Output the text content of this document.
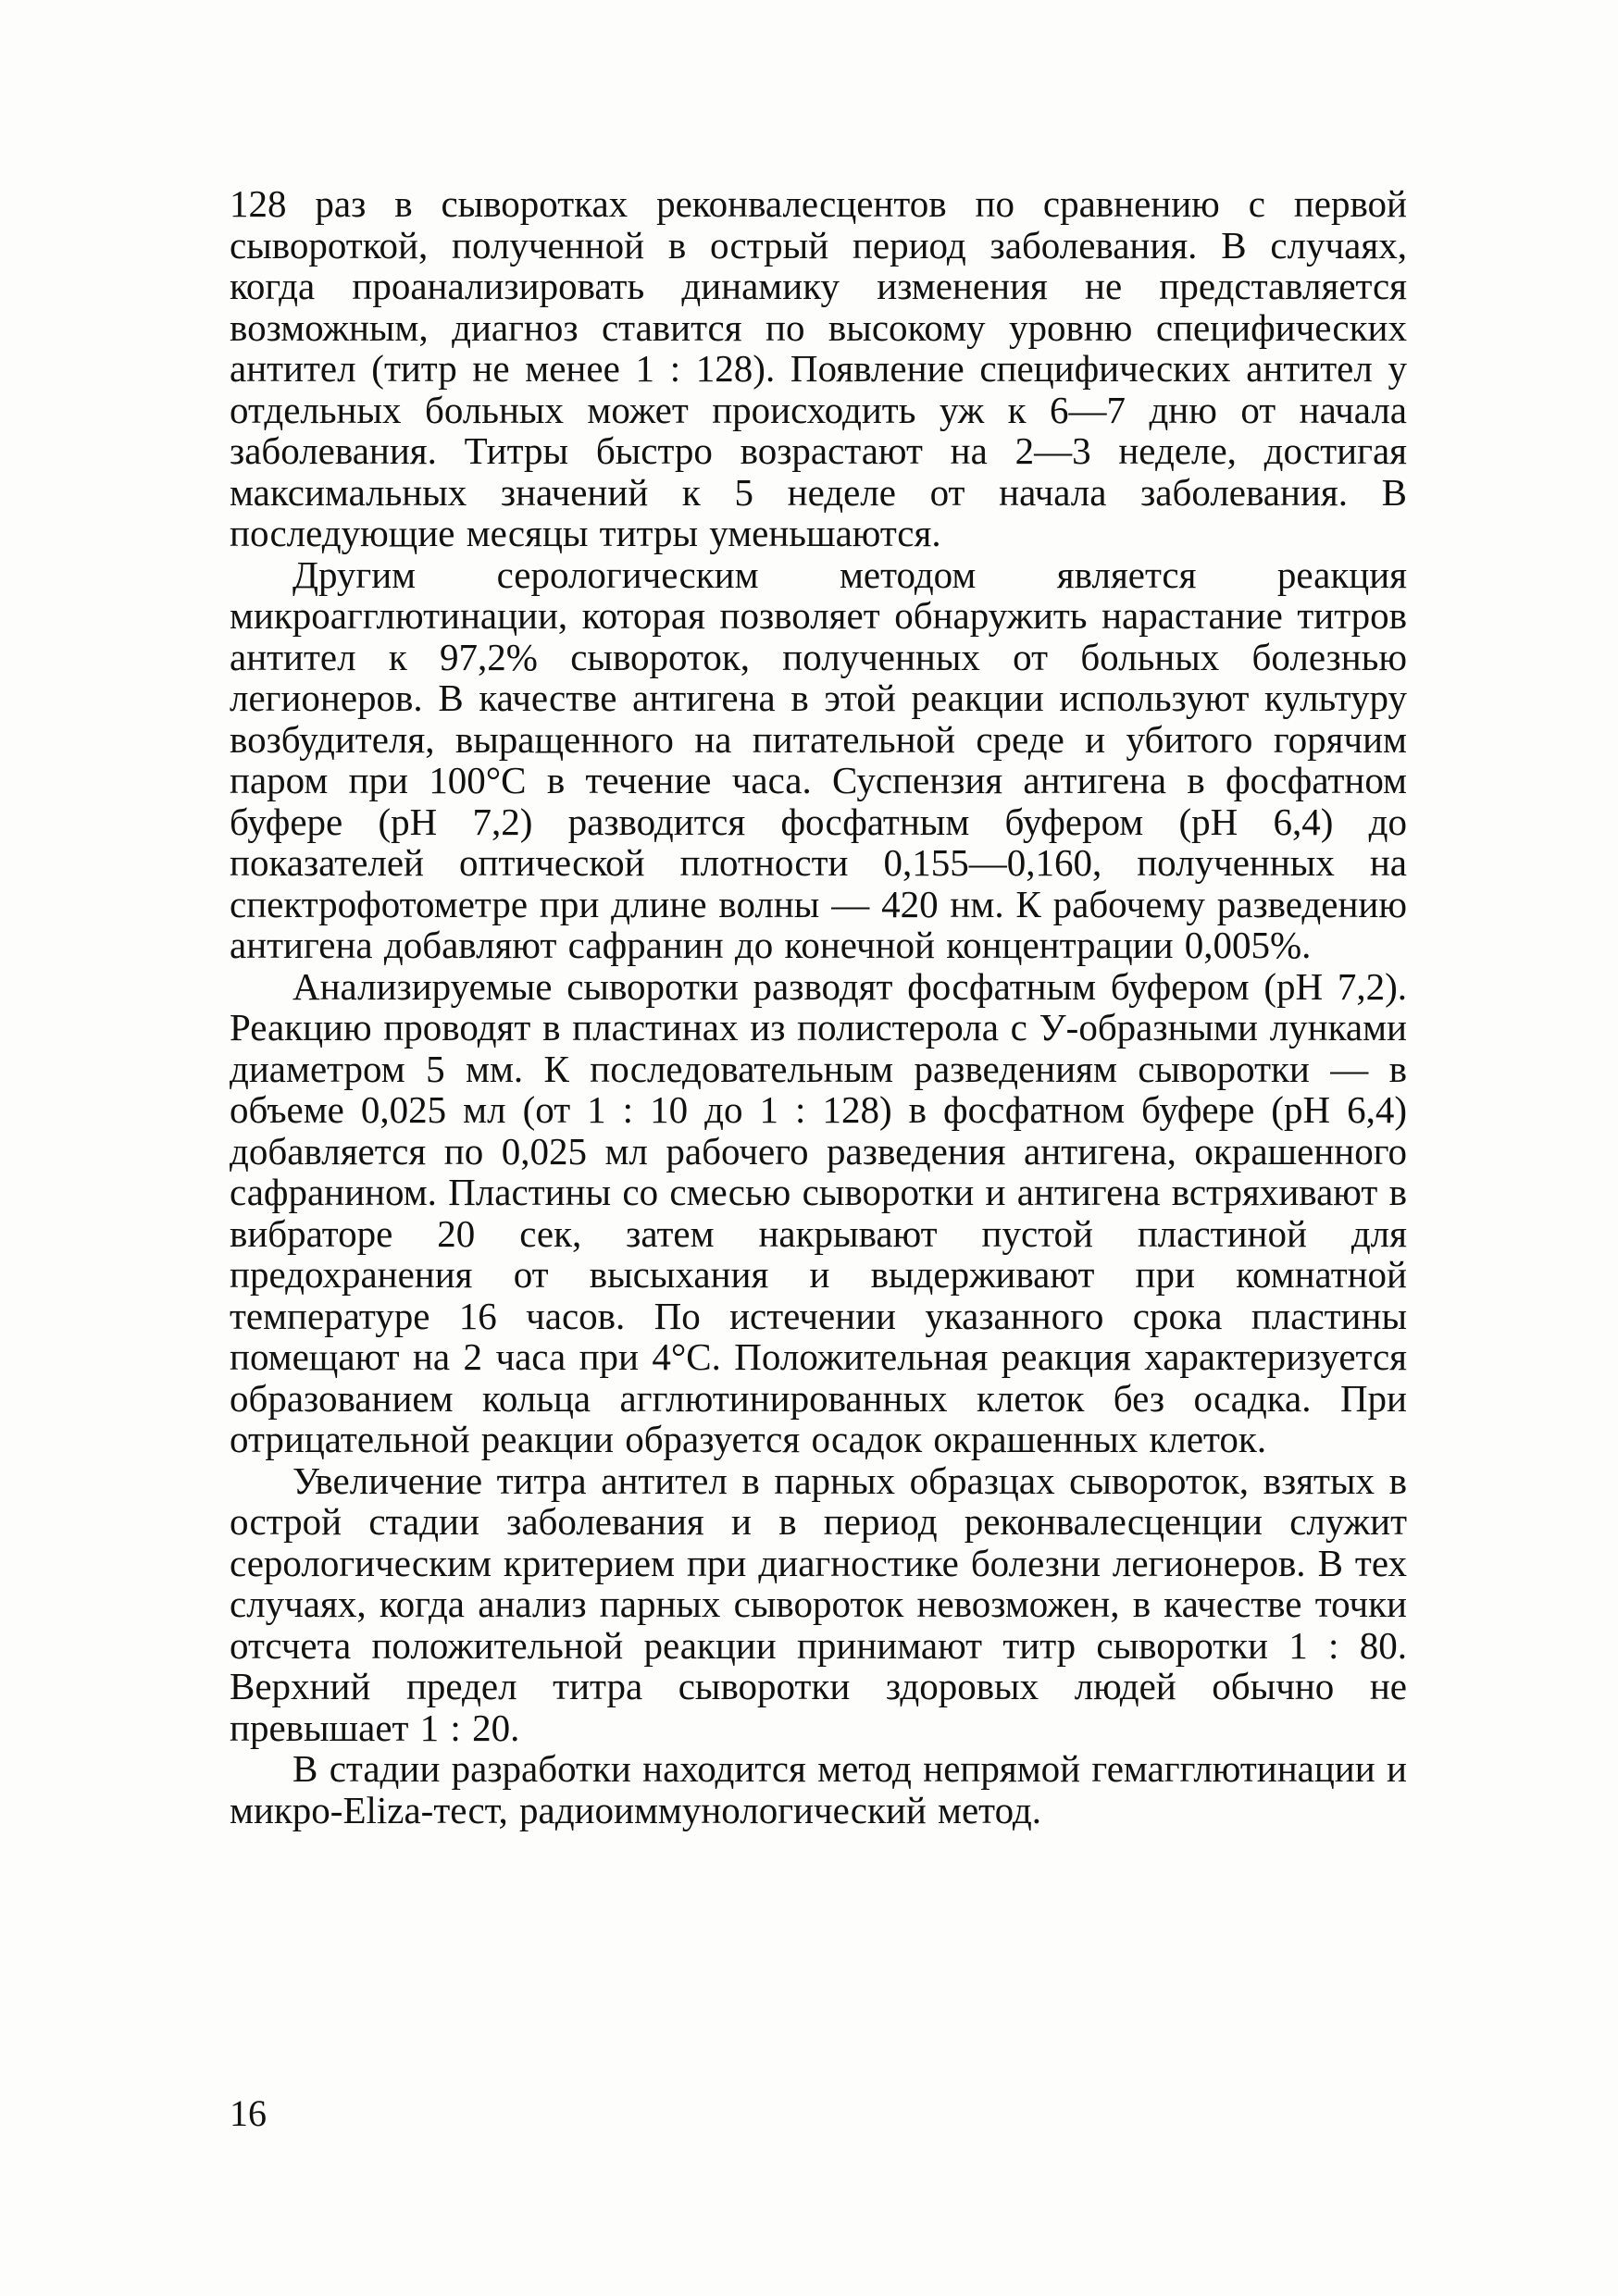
128 раз в сыворотках реконвалесцентов по сравнению с первой сывороткой, полученной в острый период заболевания. В случаях, когда проанализировать динамику изменения не представляется возможным, диагноз ставится по высокому уровню специфических антител (титр не менее 1 : 128). Появление специфических антител у отдельных больных может происходить уж к 6—7 дню от начала заболевания. Титры быстро возрастают на 2—3 неделе, достигая максимальных значений к 5 неделе от начала заболевания. В последующие месяцы титры уменьшаются.

Другим серологическим методом является реакция микроагглютинации, которая позволяет обнаружить нарастание титров антител к 97,2% сывороток, полученных от больных болезнью легионеров. В качестве антигена в этой реакции используют культуру возбудителя, выращенного на питательной среде и убитого горячим паром при 100°С в течение часа. Суспензия антигена в фосфатном буфере (рН 7,2) разводится фосфатным буфером (рН 6,4) до показателей оптической плотности 0,155—0,160, полученных на спектрофотометре при длине волны — 420 нм. К рабочему разведению антигена добавляют сафранин до конечной концентрации 0,005%.

Анализируемые сыворотки разводят фосфатным буфером (рН 7,2). Реакцию проводят в пластинах из полистерола с У-образными лунками диаметром 5 мм. К последовательным разведениям сыворотки — в объеме 0,025 мл (от 1 : 10 до 1 : 128) в фосфатном буфере (рН 6,4) добавляется по 0,025 мл рабочего разведения антигена, окрашенного сафранином. Пластины со смесью сыворотки и антигена встряхивают в вибраторе 20 сек, затем накрывают пустой пластиной для предохранения от высыхания и выдерживают при комнатной температуре 16 часов. По истечении указанного срока пластины помещают на 2 часа при 4°С. Положительная реакция характеризуется образованием кольца агглютинированных клеток без осадка. При отрицательной реакции образуется осадок окрашенных клеток.

Увеличение титра антител в парных образцах сывороток, взятых в острой стадии заболевания и в период реконвалесценции служит серологическим критерием при диагностике болезни легионеров. В тех случаях, когда анализ парных сывороток невозможен, в качестве точки отсчета положительной реакции принимают титр сыворотки 1 : 80. Верхний предел титра сыворотки здоровых людей обычно не превышает 1 : 20.

В стадии разработки находится метод непрямой гемагглютинации и микро-Eliza-тест, радиоиммунологический метод.

16
